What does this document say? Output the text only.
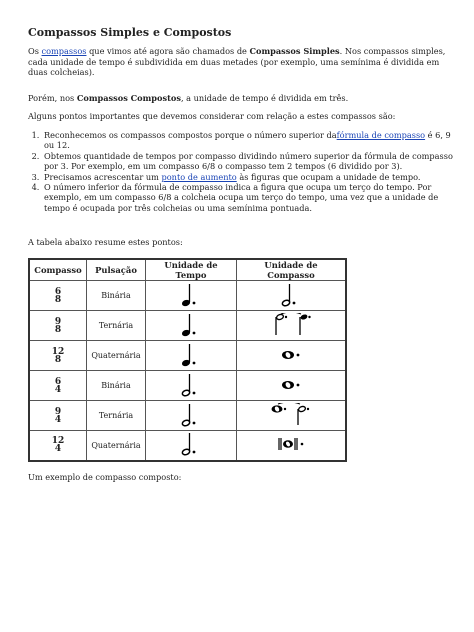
Compassos Simples e Compostos

Os compassos que vimos até agora são chamados de Compassos Simples. Nos compassos simples, cada unidade de tempo é subdividida em duas metades (por exemplo, uma semínima é dividida em duas colcheias).

Porém, nos Compassos Compostos, a unidade de tempo é dividida em três.

Alguns pontos importantes que devemos considerar com relação a estes compassos são:

1. Reconhecemos os compassos compostos porque o número superior dafórmula de compasso é 6, 9 ou 12.
2. Obtemos quantidade de tempos por compasso dividindo número superior da fórmula de compasso por 3. Por exemplo, em um compasso 6/8 o compasso tem 2 tempos (6 dividido por 3).
3. Precisamos acrescentar um ponto de aumento às figuras que ocupam a unidade de tempo.
4. O número inferior da fórmula de compasso indica a figura que ocupa um terço do tempo. Por exemplo, em um compasso 6/8 a colcheia ocupa um terço do tempo, uma vez que a unidade de tempo é ocupada por três colcheias ou uma semínima pontuada.

A tabela abaixo resume estes pontos:

Compasso	Pulsação	Unidade de Tempo	Unidade de Compasso
6
8	Binária		
9
8	Ternária		
12
8	Quaternária		
6
4	Binária		
9
4	Ternária		
12
4	Quaternária		

Um exemplo de compasso composto:
